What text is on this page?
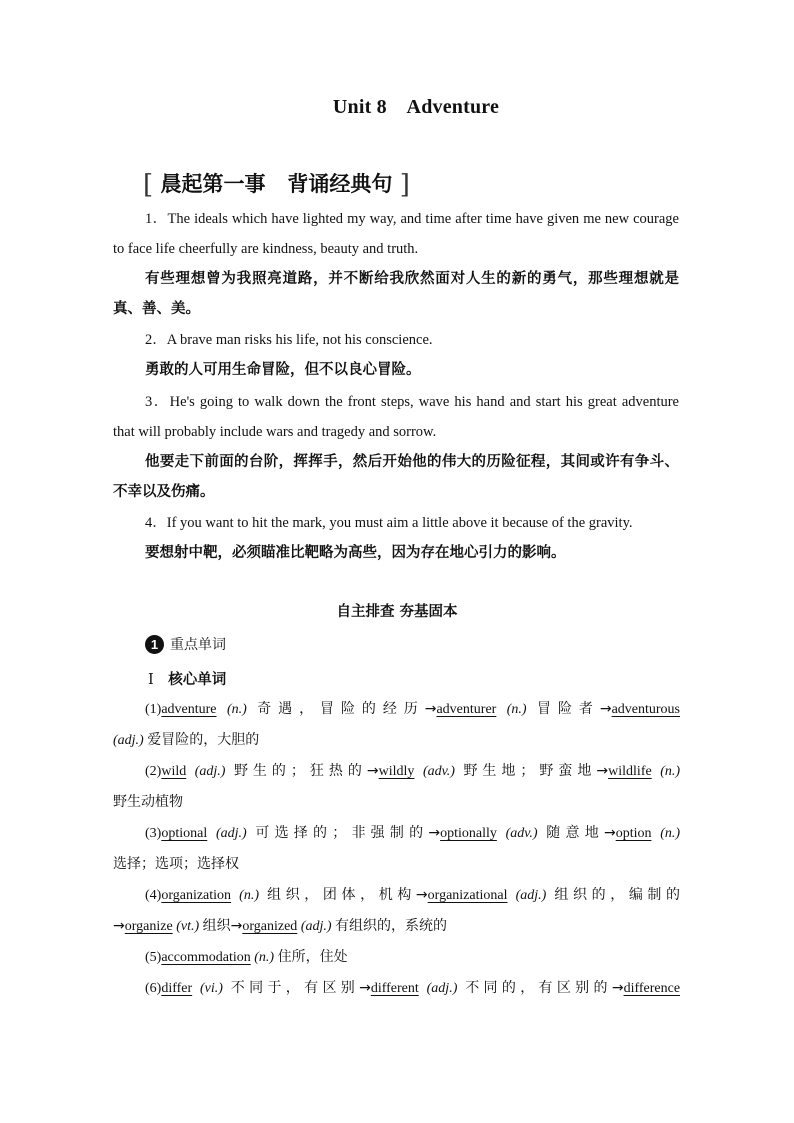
Unit 8    Adventure
[ 晨起第一事   背诵经典句 ]
1．The ideals which have lighted my way, and time after time have given me new courage to face life cheerfully are kindness, beauty and truth.
有些理想曾为我照亮道路，并不断给我欣然面对人生的新的勇气，那些理想就是真、善、美。
2．A brave man risks his life, not his conscience.
勇敢的人可用生命冒险，但不以良心冒险。
3．He's going to walk down the front steps, wave his hand and start his great adventure that will probably include wars and tragedy and sorrow.
他要走下前面的台阶，挥挥手，然后开始他的伟大的历险征程，其间或许有争斗、不幸以及伤痛。
4．If you want to hit the mark, you must aim a little above it because of the gravity.
要想射中靶，必须瞄准比靶略为高些，因为存在地心引力的影响。
自主排查 夯基固本
1 重点单词
Ⅰ 核心单词
(1)adventure (n.) 奇遇，冒险的经历→adventurer (n.) 冒险者→adventurous
(adj.) 爱冒险的，大胆的
(2)wild (adj.) 野生的；狂热的→wildly (adv.) 野生地；野蛮地→wildlife (n.)
野生动植物
(3)optional (adj.) 可选择的；非强制的→optionally (adv.) 随意地→option (n.)
选择；选项；选择权
(4)organization (n.) 组织，团体，机构→organizational (adj.) 组织的，编制的
→organize (vt.) 组织→organized (adj.) 有组织的，系统的
(5)accommodation (n.) 住所，住处
(6)differ (vi.) 不同于，有区别→different (adj.) 不同的，有区别的→difference
